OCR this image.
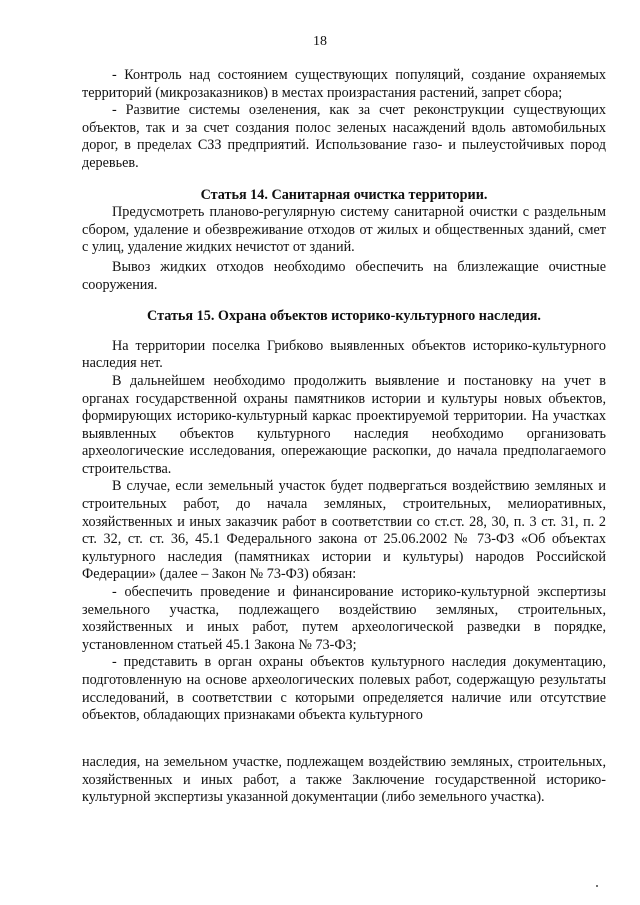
18

- Контроль над состоянием существующих популяций, создание охраняемых территорий (микрозаказников) в местах произрастания растений, запрет сбора;

- Развитие системы озеленения, как за счет реконструкции существующих объектов, так и за счет создания полос зеленых насаждений вдоль автомобильных дорог, в пределах СЗЗ предприятий. Использование газо- и пылеустойчивых пород деревьев.

Статья 14. Санитарная очистка территории.

Предусмотреть планово-регулярную систему санитарной очистки с раздельным сбором, удаление и обезвреживание отходов от жилых и общественных зданий, смет с улиц, удаление жидких нечистот от зданий.

Вывоз жидких отходов необходимо обеспечить на близлежащие очистные сооружения.

Статья 15. Охрана объектов историко-культурного наследия.

На территории поселка Грибково выявленных объектов историко-культурного наследия нет.

В дальнейшем необходимо продолжить выявление и постановку на учет в органах государственной охраны памятников истории и культуры новых объектов, формирующих историко-культурный каркас проектируемой территории. На участках выявленных объектов культурного наследия необходимо организовать археологические исследования, опережающие раскопки, до начала предполагаемого строительства.

В случае, если земельный участок будет подвергаться воздействию земляных и строительных работ, до начала земляных, строительных, мелиоративных, хозяйственных и иных заказчик работ в соответствии со ст.ст. 28, 30, п. 3 ст. 31, п. 2 ст. 32, ст. ст. 36, 45.1 Федерального закона от 25.06.2002 № 73-ФЗ «Об объектах культурного наследия (памятниках истории и культуры) народов Российской Федерации» (далее – Закон № 73-ФЗ) обязан:

- обеспечить проведение и финансирование историко-культурной экспертизы земельного участка, подлежащего воздействию земляных, строительных, хозяйственных и иных работ, путем археологической разведки в порядке, установленном статьей 45.1 Закона № 73-ФЗ;

- представить в орган охраны объектов культурного наследия документацию, подготовленную на основе археологических полевых работ, содержащую результаты исследований, в соответствии с которыми определяется наличие или отсутствие объектов, обладающих признаками объекта культурного

наследия, на земельном участке, подлежащем воздействию земляных, строительных, хозяйственных и иных работ, а также Заключение государственной историко-культурной экспертизы указанной документации (либо земельного участка).
